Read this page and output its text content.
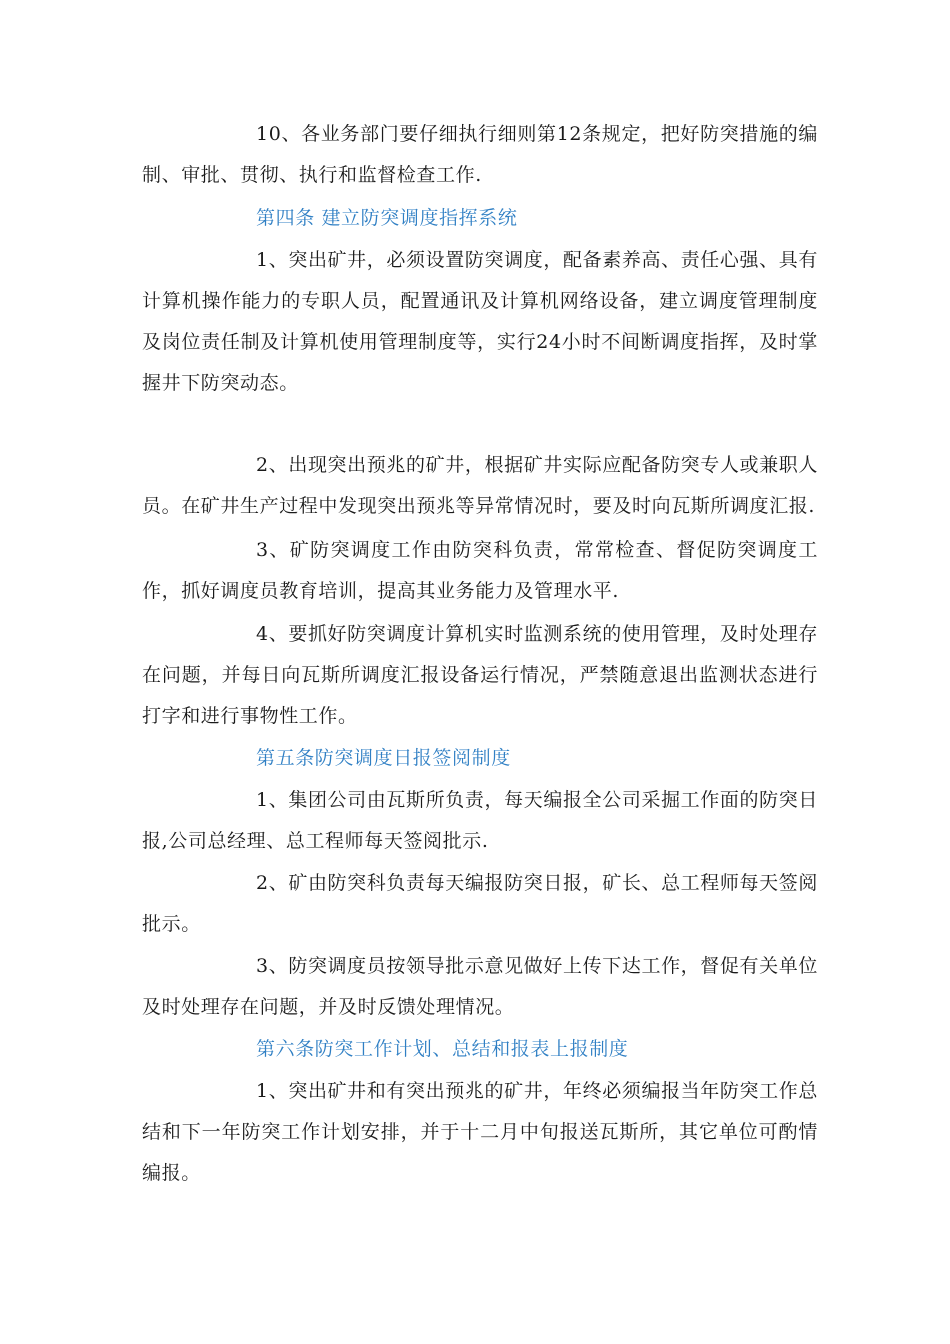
10、各业务部门要仔细执行细则第12条规定，把好防突措施的编制、审批、贯彻、执行和监督检查工作.

第四条 建立防突调度指挥系统

1、突出矿井，必须设置防突调度，配备素养高、责任心强、具有计算机操作能力的专职人员，配置通讯及计算机网络设备，建立调度管理制度及岗位责任制及计算机使用管理制度等，实行24小时不间断调度指挥，及时掌握井下防突动态。

2、出现突出预兆的矿井，根据矿井实际应配备防突专人或兼职人员。在矿井生产过程中发现突出预兆等异常情况时，要及时向瓦斯所调度汇报.

3、矿防突调度工作由防突科负责，常常检查、督促防突调度工作，抓好调度员教育培训，提高其业务能力及管理水平.

4、要抓好防突调度计算机实时监测系统的使用管理，及时处理存在问题，并每日向瓦斯所调度汇报设备运行情况，严禁随意退出监测状态进行打字和进行事物性工作。

第五条防突调度日报签阅制度

1、集团公司由瓦斯所负责，每天编报全公司采掘工作面的防突日报,公司总经理、总工程师每天签阅批示.

2、矿由防突科负责每天编报防突日报，矿长、总工程师每天签阅批示。

3、防突调度员按领导批示意见做好上传下达工作，督促有关单位及时处理存在问题，并及时反馈处理情况。

第六条防突工作计划、总结和报表上报制度

1、突出矿井和有突出预兆的矿井，年终必须编报当年防突工作总结和下一年防突工作计划安排，并于十二月中旬报送瓦斯所，其它单位可酌情编报。
